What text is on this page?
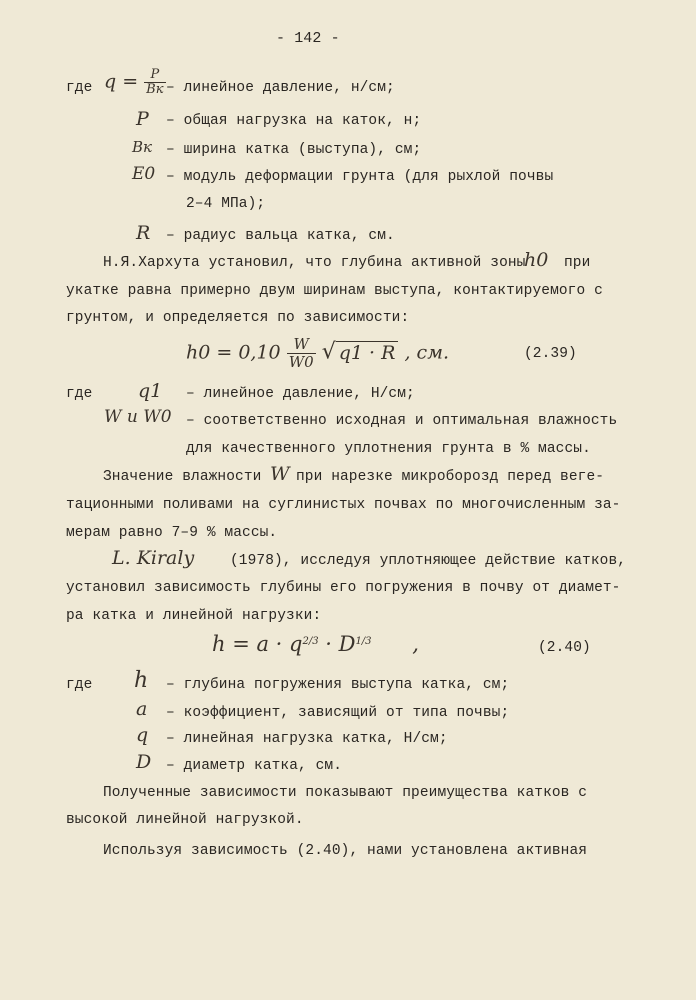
- 142 -
где $q = \frac{P}{Bк}$ – линейное давление, н/см;
P – общая нагрузка на каток, н;
Bк – ширина катка (выступа), см;
E0 – модуль деформации грунта (для рыхлой почвы
2–4 МПа);
R – радиус вальца катка, см.
Н.Я.Хархута установил, что глубина активной зоны
h0 при
укатке равна примерно двум ширинам выступа, контактируемого с
грунтом, и определяется по зависимости:
$h0 = 0,10 \frac{W}{W0}$ √ q1 · R , см.	(2.39)
где q1 – линейное давление, Н/см;
W и W0 – соответственно исходная и оптимальная влажность
для качественного уплотнения грунта в % массы.
Значение влажности W при нарезке микроборозд перед веге-
тационными поливами на суглинистых почвах по многочисленным за-
мерам равно 7–9 % массы.
L. Kiraly (1978), исследуя уплотняющее действие катков,
установил зависимость глубины его погружения в почву от диамет-
ра катка и линейной нагрузки:
$h = a \cdot q^{2/3} \cdot D^{1/3}$ ,	(2.40)
где h – глубина погружения выступа катка, см;
a – коэффициент, зависящий от типа почвы;
q – линейная нагрузка катка, Н/см;
D – диаметр катка, см.
Полученные зависимости показывают преимущества катков с
высокой линейной нагрузкой.
Используя зависимость (2.40), нами установлена активная
